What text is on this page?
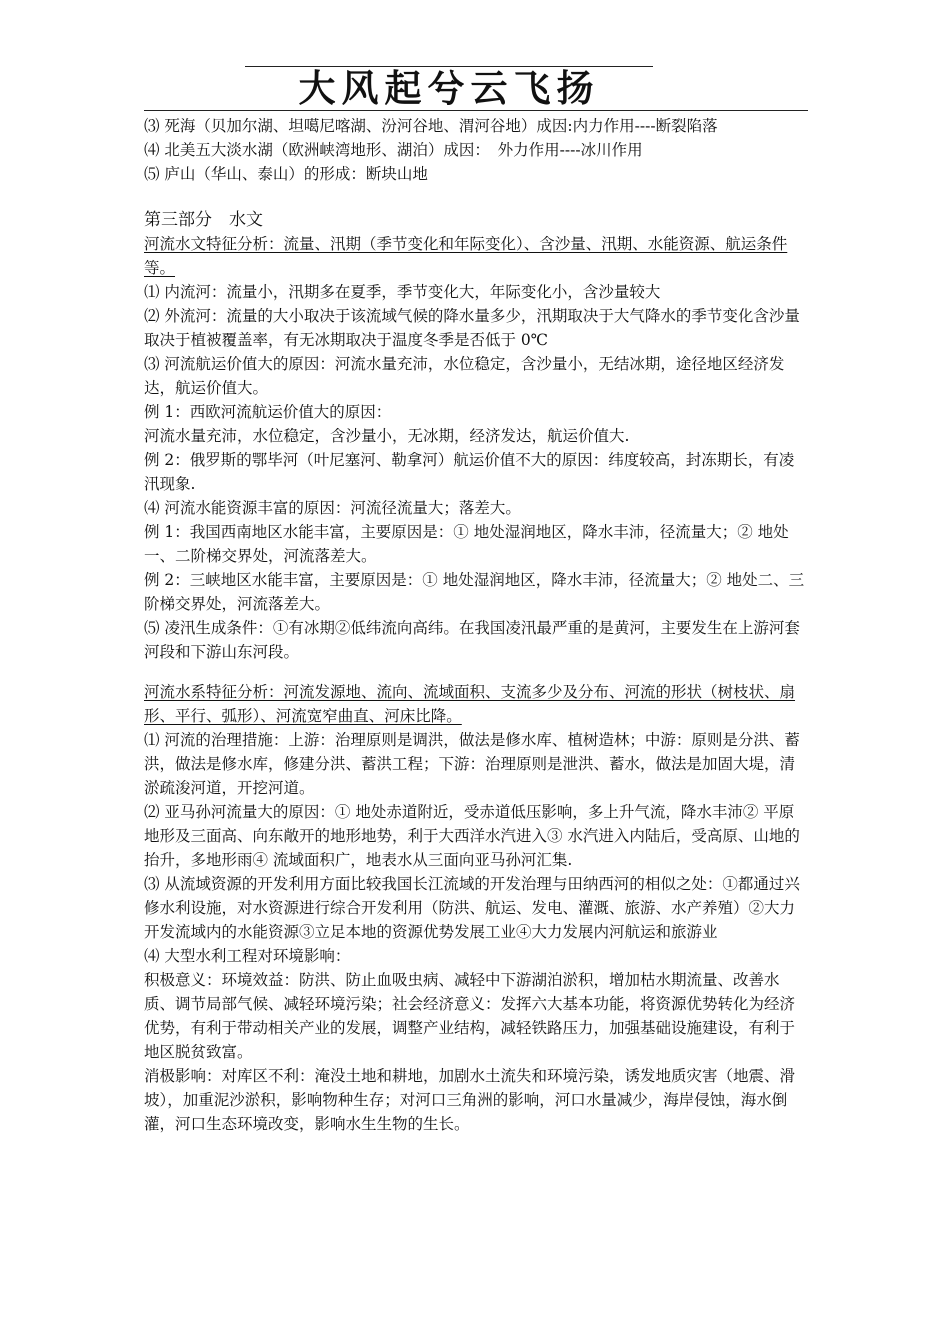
大风起兮云飞扬

⑶ 死海（贝加尔湖、坦噶尼喀湖、汾河谷地、渭河谷地）成因:内力作用----断裂陷落

⑷ 北美五大淡水湖（欧洲峡湾地形、湖泊）成因：　外力作用----冰川作用

⑸ 庐山（华山、泰山）的形成：断块山地

第三部分　水文

河流水文特征分析：流量、汛期（季节变化和年际变化）、含沙量、汛期、水能资源、航运条件等。

⑴ 内流河：流量小，汛期多在夏季，季节变化大，年际变化小，含沙量较大

⑵ 外流河：流量的大小取决于该流域气候的降水量多少，汛期取决于大气降水的季节变化含沙量取决于植被覆盖率，有无冰期取决于温度冬季是否低于 0℃

⑶ 河流航运价值大的原因：河流水量充沛，水位稳定，含沙量小，无结冰期，途径地区经济发达，航运价值大。

例 1：西欧河流航运价值大的原因：

河流水量充沛，水位稳定，含沙量小，无冰期，经济发达，航运价值大.

例 2：俄罗斯的鄂毕河（叶尼塞河、勒拿河）航运价值不大的原因：纬度较高，封冻期长，有凌汛现象.

⑷ 河流水能资源丰富的原因：河流径流量大；落差大。

例 1：我国西南地区水能丰富，主要原因是：① 地处湿润地区，降水丰沛，径流量大；② 地处一、二阶梯交界处，河流落差大。

例 2：三峡地区水能丰富，主要原因是：① 地处湿润地区，降水丰沛，径流量大；② 地处二、三阶梯交界处，河流落差大。

⑸ 凌汛生成条件：①有冰期②低纬流向高纬。在我国凌汛最严重的是黄河，主要发生在上游河套河段和下游山东河段。

河流水系特征分析：河流发源地、流向、流域面积、支流多少及分布、河流的形状（树枝状、扇形、平行、弧形）、河流宽窄曲直、河床比降。

⑴ 河流的治理措施：上游：治理原则是调洪，做法是修水库、植树造林；中游：原则是分洪、蓄洪，做法是修水库，修建分洪、蓄洪工程；下游：治理原则是泄洪、蓄水，做法是加固大堤，清淤疏浚河道，开挖河道。

⑵ 亚马孙河流量大的原因：① 地处赤道附近，受赤道低压影响，多上升气流，降水丰沛② 平原地形及三面高、向东敞开的地形地势，利于大西洋水汽进入③ 水汽进入内陆后，受高原、山地的抬升，多地形雨④ 流域面积广，地表水从三面向亚马孙河汇集.

⑶ 从流域资源的开发利用方面比较我国长江流域的开发治理与田纳西河的相似之处：①都通过兴修水利设施，对水资源进行综合开发利用（防洪、航运、发电、灌溉、旅游、水产养殖）②大力开发流域内的水能资源③立足本地的资源优势发展工业④大力发展内河航运和旅游业

⑷ 大型水利工程对环境影响：

积极意义：环境效益：防洪、防止血吸虫病、减轻中下游湖泊淤积，增加枯水期流量、改善水质、调节局部气候、减轻环境污染；社会经济意义：发挥六大基本功能，将资源优势转化为经济优势，有利于带动相关产业的发展，调整产业结构，减轻铁路压力，加强基础设施建设，有利于地区脱贫致富。

消极影响：对库区不利：淹没土地和耕地，加剧水土流失和环境污染，诱发地质灾害（地震、滑坡），加重泥沙淤积，影响物种生存；对河口三角洲的影响，河口水量减少，海岸侵蚀，海水倒灌，河口生态环境改变，影响水生生物的生长。
